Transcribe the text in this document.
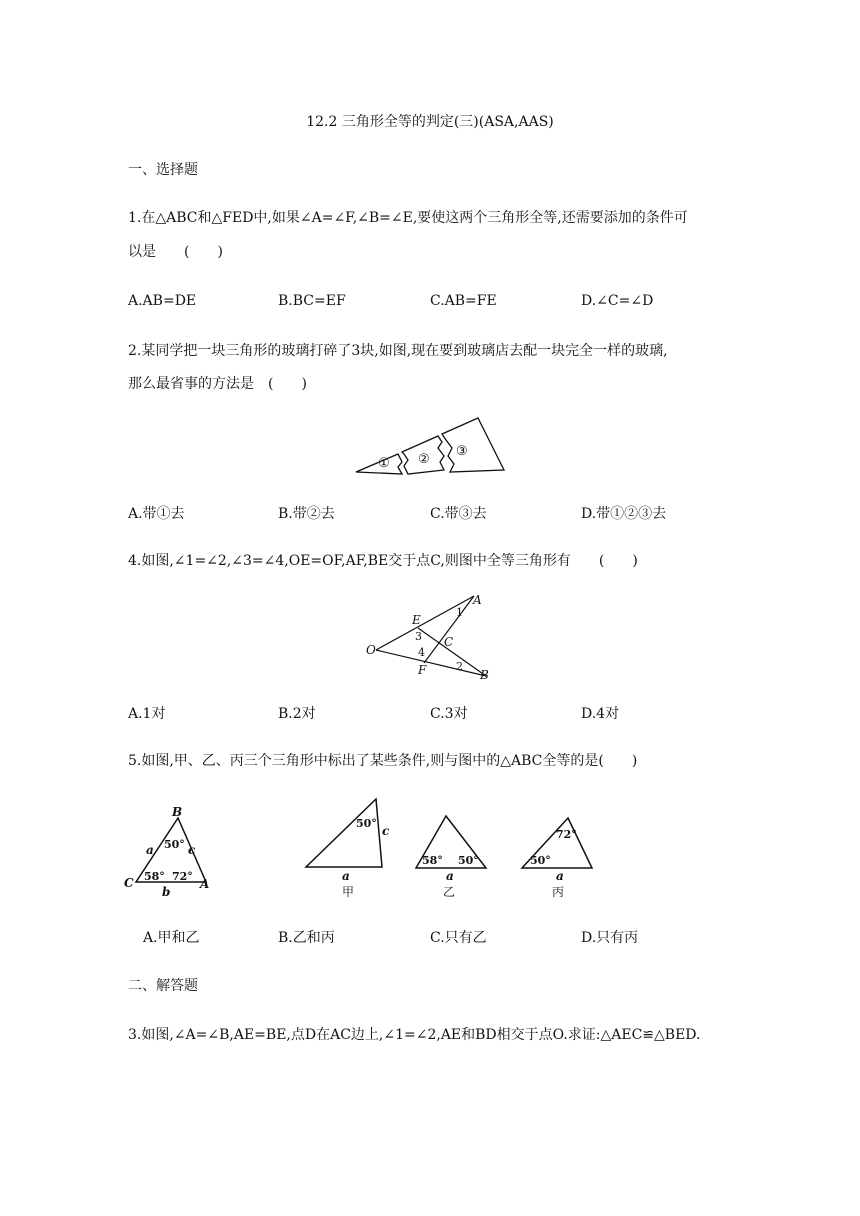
12.2 三角形全等的判定(三)(ASA,AAS)
一、选择题
1.在△ABC和△FED中,如果∠A=∠F,∠B=∠E,要使这两个三角形全等,还需要添加的条件可
以是　　(　　)
A.AB=DE	B.BC=EF	C.AB=FE	D.∠C=∠D
2.某同学把一块三角形的玻璃打碎了3块,如图,现在要到玻璃店去配一块完全一样的玻璃,
那么最省事的方法是　(　　)
① ②
③
A.带①去	B.带②去	C.带③去	D.带①②③去
4.如图,∠1=∠2,∠3=∠4,OE=OF,AF,BE交于点C,则图中全等三角形有　　(　　)
O
E
F
A
B
C
1
2
3
4
A.1对	B.2对	C.3对	D.4对
5.如图,甲、乙、丙三个三角形中标出了某些条件,则与图中的△ABC全等的是(　　)
B
C	A
a	c
b
50°
58° 72°
50°
c
a
甲
58° 50°
a
乙
72°
50°
a
丙
A.甲和乙	B.乙和丙	C.只有乙	D.只有丙
二、解答题
3.如图,∠A=∠B,AE=BE,点D在AC边上,∠1=∠2,AE和BD相交于点O.求证:△AEC≌△BED.
